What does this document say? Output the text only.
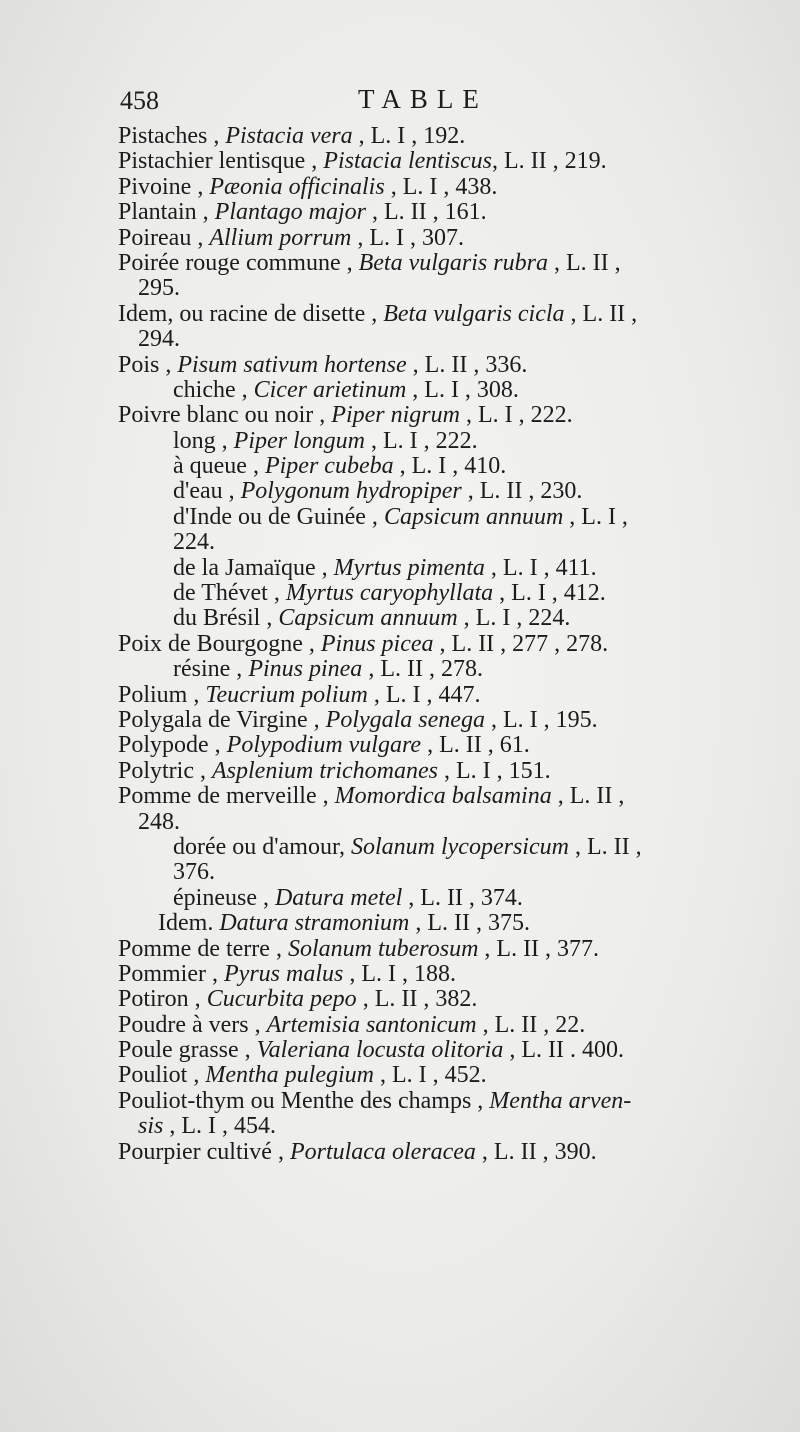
458	TABLE
Pistaches , Pistacia vera , L. I , 192.
Pistachier lentisque , Pistacia lentiscus, L. II , 219.
Pivoine , Pæonia officinalis , L. I , 438.
Plantain , Plantago major , L. II , 161.
Poireau , Allium porrum , L. I , 307.
Poirée rouge commune , Beta vulgaris rubra , L. II ,
295.
Idem, ou racine de disette , Beta vulgaris cicla , L. II ,
294.
Pois , Pisum sativum hortense , L. II , 336.
chiche , Cicer arietinum , L. I , 308.
Poivre blanc ou noir , Piper nigrum , L. I , 222.
long , Piper longum , L. I , 222.
à queue , Piper cubeba , L. I , 410.
d'eau , Polygonum hydropiper , L. II , 230.
d'Inde ou de Guinée , Capsicum annuum , L. I ,
224.
de la Jamaïque , Myrtus pimenta , L. I , 411.
de Thévet , Myrtus caryophyllata , L. I , 412.
du Brésil , Capsicum annuum , L. I , 224.
Poix de Bourgogne , Pinus picea , L. II , 277 , 278.
résine , Pinus pinea , L. II , 278.
Polium , Teucrium polium , L. I , 447.
Polygala de Virgine , Polygala senega , L. I , 195.
Polypode , Polypodium vulgare , L. II , 61.
Polytric , Asplenium trichomanes , L. I , 151.
Pomme de merveille , Momordica balsamina , L. II ,
248.
dorée ou d'amour, Solanum lycopersicum , L. II ,
376.
épineuse , Datura metel , L. II , 374.
Idem. Datura stramonium , L. II , 375.
Pomme de terre , Solanum tuberosum , L. II , 377.
Pommier , Pyrus malus , L. I , 188.
Potiron , Cucurbita pepo , L. II , 382.
Poudre à vers , Artemisia santonicum , L. II , 22.
Poule grasse , Valeriana locusta olitoria , L. II . 400.
Pouliot , Mentha pulegium , L. I , 452.
Pouliot-thym ou Menthe des champs , Mentha arven-
sis , L. I , 454.
Pourpier cultivé , Portulaca oleracea , L. II , 390.
